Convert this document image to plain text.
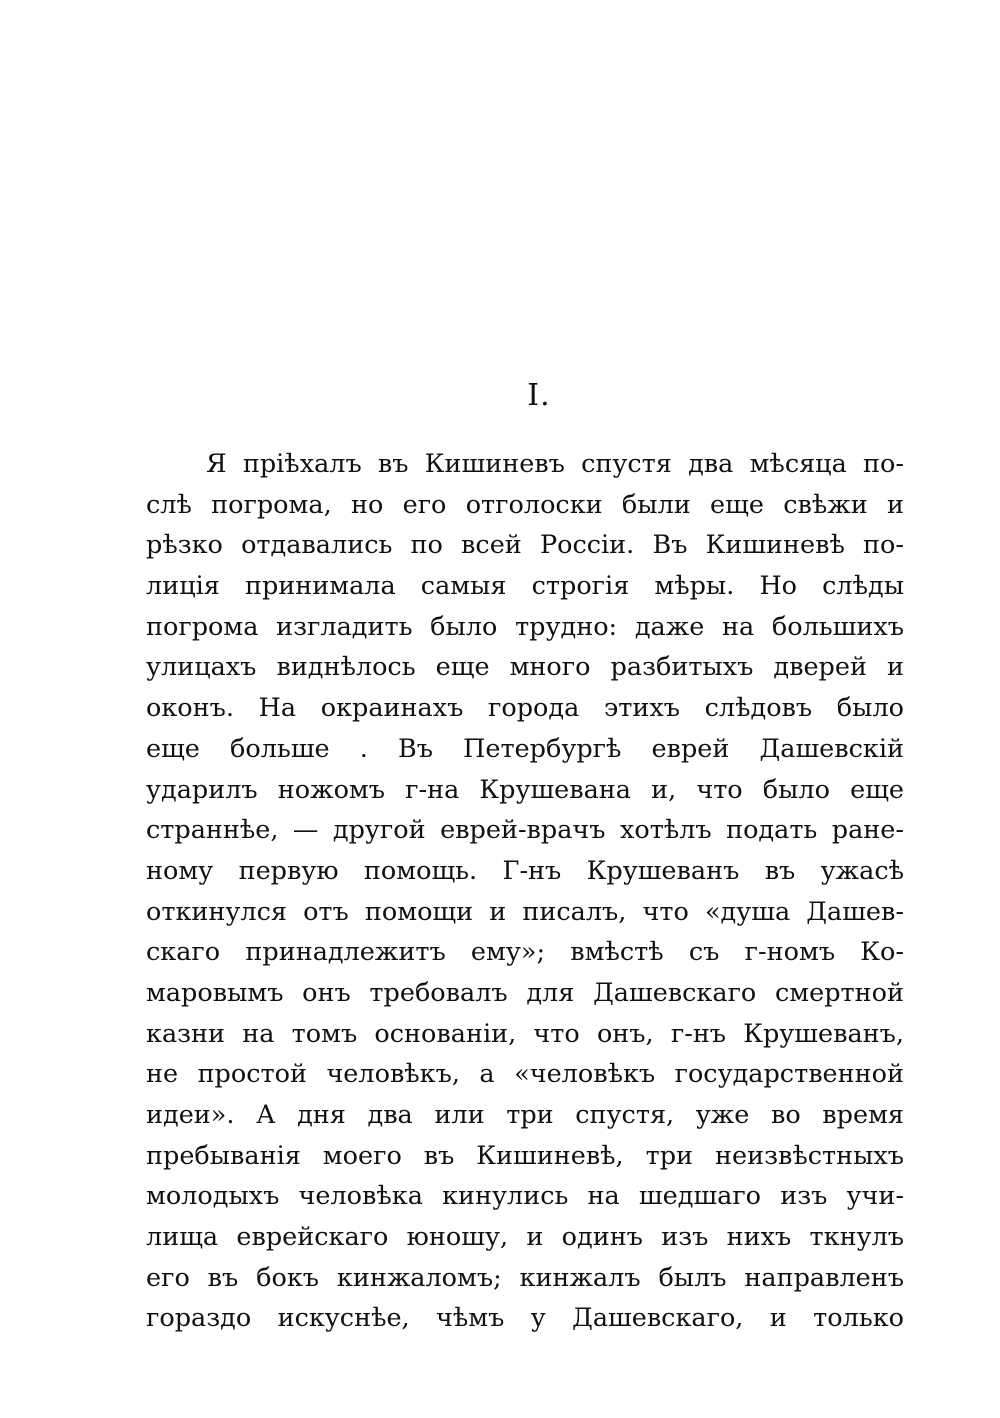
I.
Я пріѣхалъ въ Кишиневъ спустя два мѣсяца по-
слѣ погрома, но его отголоски были еще свѣжи и
рѣзко отдавались по всей Россіи. Въ Кишиневѣ по-
лиція принимала самыя строгія мѣры. Но слѣды
погрома изгладить было трудно: даже на большихъ
улицахъ виднѣлось еще много разбитыхъ дверей и
оконъ. На окраинахъ города этихъ слѣдовъ было
еще больше . Въ Петербургѣ еврей Дашевскій
ударилъ ножомъ г-на Крушевана и, что было еще
страннѣе, — другой еврей-врачъ хотѣлъ подать ране-
ному первую помощь. Г-нъ Крушеванъ въ ужасѣ
откинулся отъ помощи и писалъ, что «душа Дашев-
скаго принадлежитъ ему»; вмѣстѣ съ г-номъ Ко-
маровымъ онъ требовалъ для Дашевскаго смертной
казни на томъ основаніи, что онъ, г-нъ Крушеванъ,
не простой человѣкъ, а «человѣкъ государственной
идеи». А дня два или три спустя, уже во время
пребыванія моего въ Кишиневѣ, три неизвѣстныхъ
молодыхъ человѣка кинулись на шедшаго изъ учи-
лища еврейскаго юношу, и одинъ изъ нихъ ткнулъ
его въ бокъ кинжаломъ; кинжалъ былъ направленъ
гораздо искуснѣе, чѣмъ у Дашевскаго, и только
